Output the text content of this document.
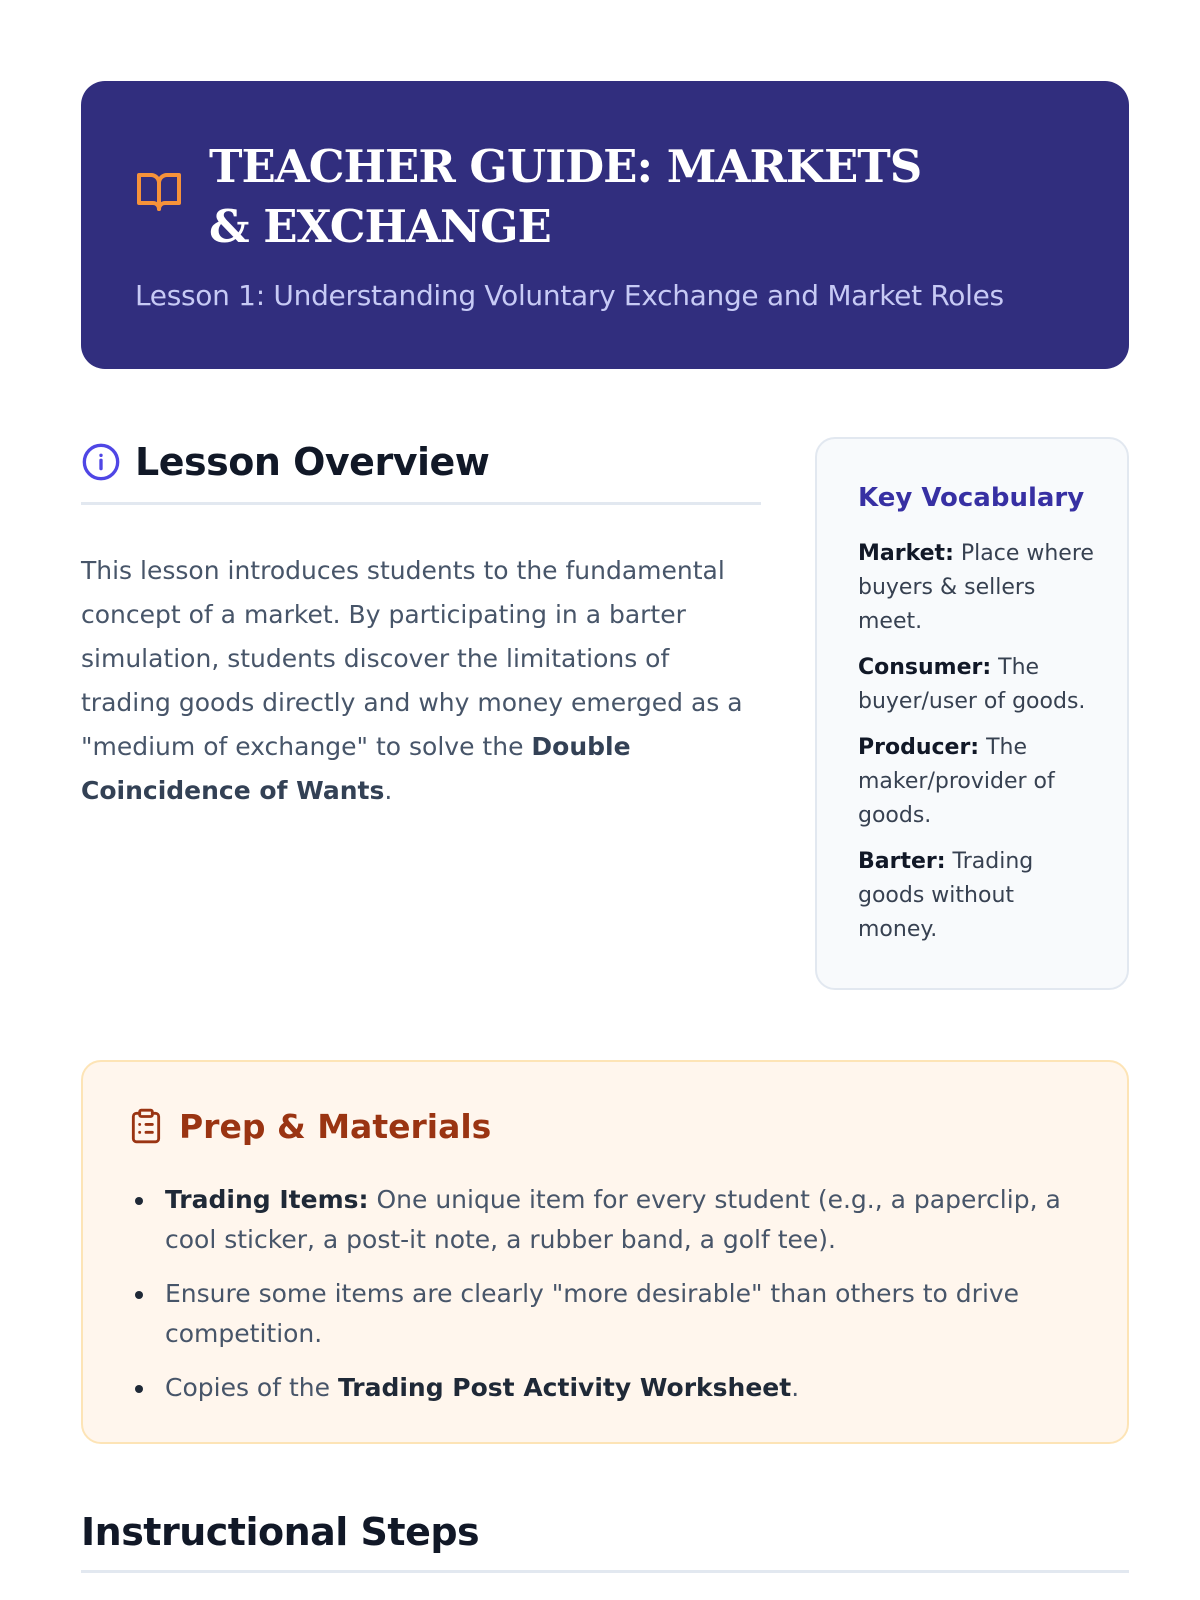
TEACHER GUIDE: MARKETS & EXCHANGE
Lesson 1: Understanding Voluntary Exchange and Market Roles
Lesson Overview

This lesson introduces students to the fundamental concept of a market. By participating in a barter simulation, students discover the limitations of trading goods directly and why money emerged as a "medium of exchange" to solve the Double Coincidence of Wants.

Key Vocabulary
Market: Place where buyers & sellers meet.
Consumer: The buyer/user of goods.
Producer: The maker/provider of goods.
Barter: Trading goods without money.
Prep & Materials
Trading Items: One unique item for every student (e.g., a paperclip, a cool sticker, a post-it note, a rubber band, a golf tee).
Ensure some items are clearly "more desirable" than others to drive competition.
Copies of the Trading Post Activity Worksheet.
Instructional Steps
